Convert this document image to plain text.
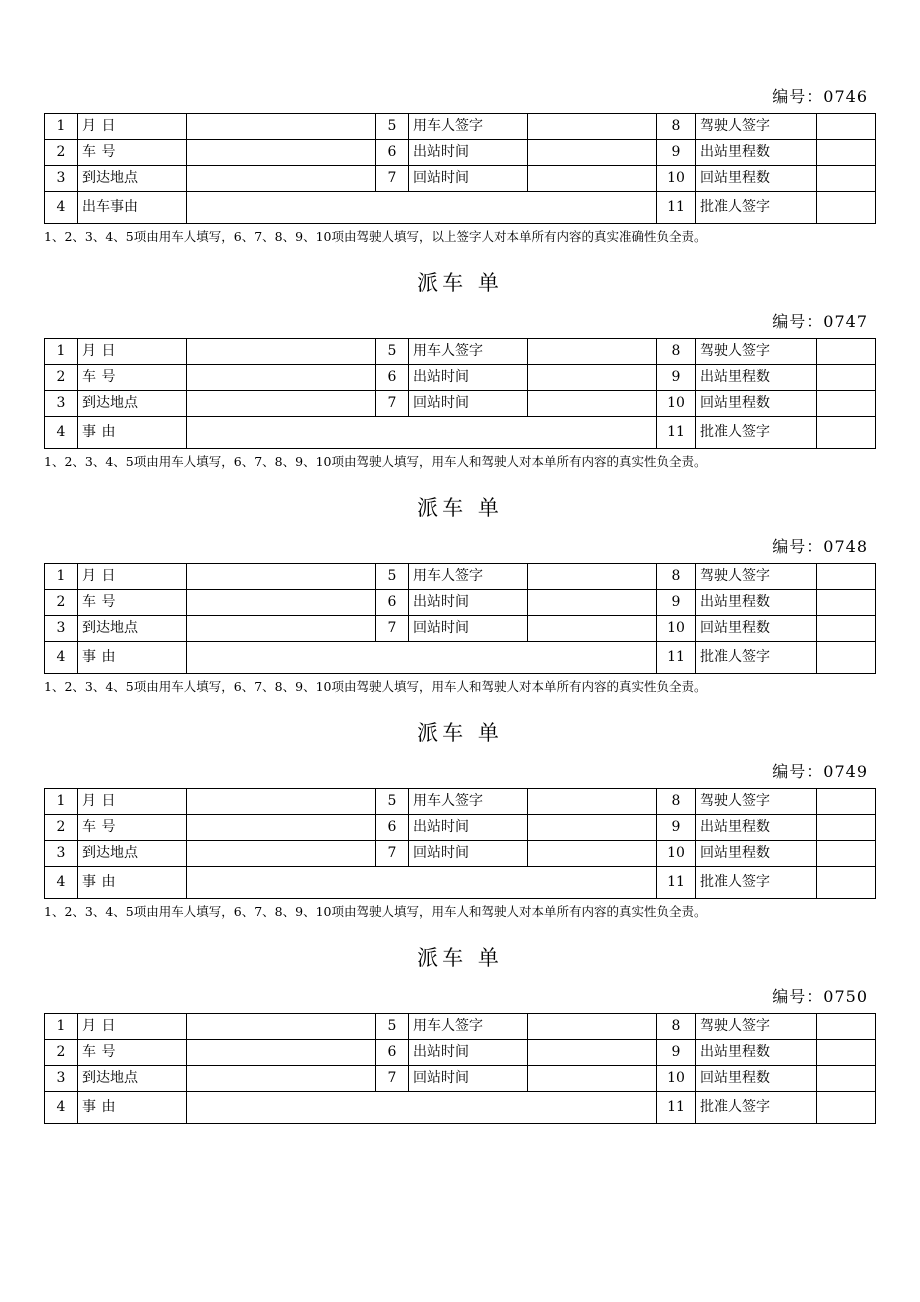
编号：0746
1	月 日		5	用车人签字		8	驾驶人签字	
2	车 号		6	出站时间		9	出站里程数	
3	到达地点		7	回站时间		10	回站里程数	
4	出车事由					11	批准人签字	
1、2、3、4、5项由用车人填写，6、7、8、9、10项由驾驶人填写，以上签字人对本单所有内容的真实准确性负全责。
派车 单
编号：0747
1	月 日		5	用车人签字		8	驾驶人签字	
2	车 号		6	出站时间		9	出站里程数	
3	到达地点		7	回站时间		10	回站里程数	
4	事 由					11	批准人签字	
1、2、3、4、5项由用车人填写，6、7、8、9、10项由驾驶人填写，用车人和驾驶人对本单所有内容的真实性负全责。
派车 单
编号：0748
1	月 日		5	用车人签字		8	驾驶人签字	
2	车 号		6	出站时间		9	出站里程数	
3	到达地点		7	回站时间		10	回站里程数	
4	事 由					11	批准人签字	
1、2、3、4、5项由用车人填写，6、7、8、9、10项由驾驶人填写，用车人和驾驶人对本单所有内容的真实性负全责。
派车 单
编号：0749
1	月 日		5	用车人签字		8	驾驶人签字	
2	车 号		6	出站时间		9	出站里程数	
3	到达地点		7	回站时间		10	回站里程数	
4	事 由					11	批准人签字	
1、2、3、4、5项由用车人填写，6、7、8、9、10项由驾驶人填写，用车人和驾驶人对本单所有内容的真实性负全责。
派车 单
编号：0750
1	月 日		5	用车人签字		8	驾驶人签字	
2	车 号		6	出站时间		9	出站里程数	
3	到达地点		7	回站时间		10	回站里程数	
4	事 由					11	批准人签字	
